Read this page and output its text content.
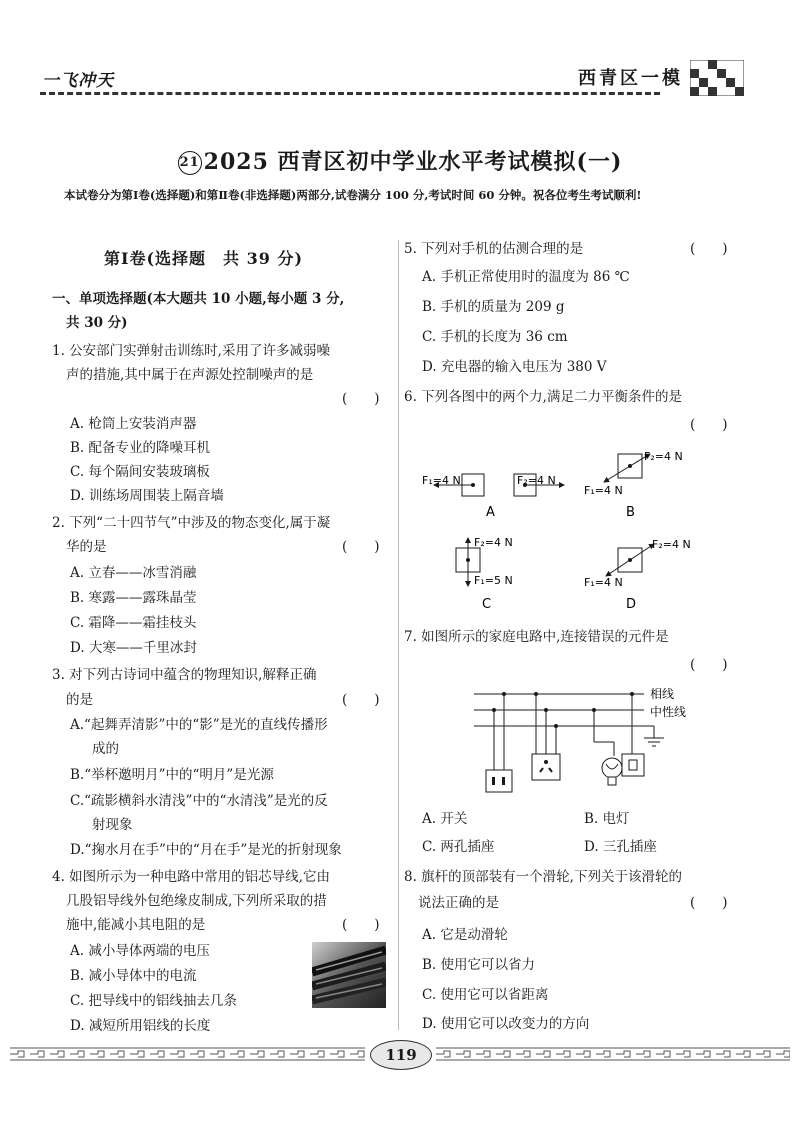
一飞冲天	西青区一模
21 2025 西青区初中学业水平考试模拟(一)
本试卷分为第Ⅰ卷(选择题)和第Ⅱ卷(非选择题)两部分,试卷满分 100 分,考试时间 60 分钟。祝各位考生考试顺利!
第Ⅰ卷(选择题　共 39 分)
一、单项选择题(本大题共 10 小题,每小题 3 分,
共 30 分)
1. 公安部门实弹射击训练时,采用了许多减弱噪
声的措施,其中属于在声源处控制噪声的是
(　　)
A. 枪筒上安装消声器
B. 配备专业的降噪耳机
C. 每个隔间安装玻璃板
D. 训练场周围装上隔音墙
2. 下列“二十四节气”中涉及的物态变化,属于凝
华的是	(　　)
A. 立春——冰雪消融
B. 寒露——露珠晶莹
C. 霜降——霜挂枝头
D. 大寒——千里冰封
3. 对下列古诗词中蕴含的物理知识,解释正确
的是	(　　)
A.“起舞弄清影”中的“影”是光的直线传播形
成的
B.“举杯邀明月”中的“明月”是光源
C.“疏影横斜水清浅”中的“水清浅”是光的反
射现象
D.“掬水月在手”中的“月在手”是光的折射现象
4. 如图所示为一种电路中常用的铝芯导线,它由
几股铝导线外包绝缘皮制成,下列所采取的措
施中,能减小其电阻的是	(　　)
A. 减小导体两端的电压
B. 减小导体中的电流
C. 把导线中的铝线抽去几条
D. 减短所用铝线的长度
5. 下列对手机的估测合理的是	(　　)
A. 手机正常使用时的温度为 86 ℃
B. 手机的质量为 209 g
C. 手机的长度为 36 cm
D. 充电器的输入电压为 380 V
6. 下列各图中的两个力,满足二力平衡条件的是
(　　)
F₁=4 N	F₂=4 N
A
F₂=4 N
F₁=4 N
B
F₂=4 N
F₁=5 N
C
F₂=4 N
F₁=4 N
D
7. 如图所示的家庭电路中,连接错误的元件是
(　　)
相线
中性线
A. 开关	B. 电灯
C. 两孔插座	D. 三孔插座
8. 旗杆的顶部装有一个滑轮,下列关于该滑轮的
说法正确的是	(　　)
A. 它是动滑轮
B. 使用它可以省力
C. 使用它可以省距离
D. 使用它可以改变力的方向
119
